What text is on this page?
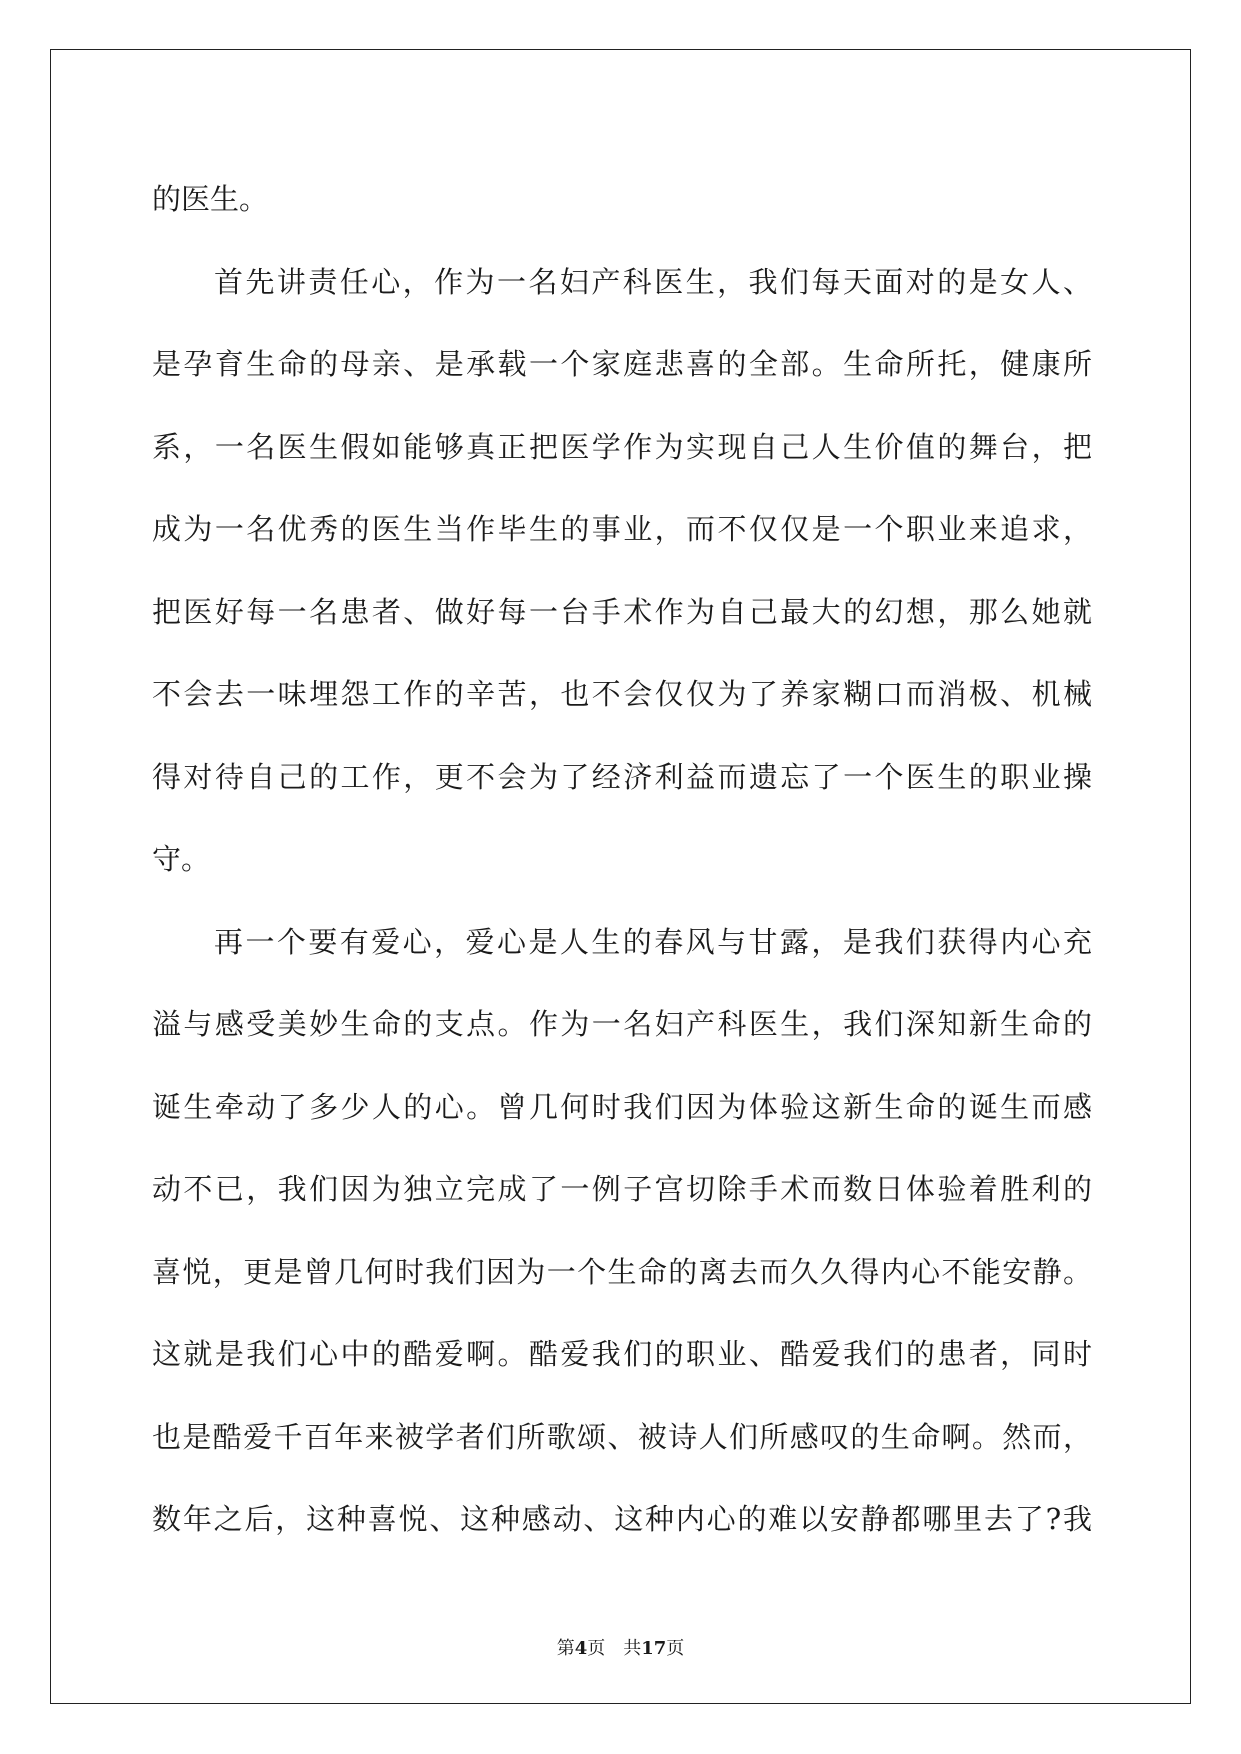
的医生。
首先讲责任心，作为一名妇产科医生，我们每天面对的是女人、
是孕育生命的母亲、是承载一个家庭悲喜的全部。生命所托，健康所
系，一名医生假如能够真正把医学作为实现自己人生价值的舞台，把
成为一名优秀的医生当作毕生的事业，而不仅仅是一个职业来追求，
把医好每一名患者、做好每一台手术作为自己最大的幻想，那么她就
不会去一味埋怨工作的辛苦，也不会仅仅为了养家糊口而消极、机械
得对待自己的工作，更不会为了经济利益而遗忘了一个医生的职业操
守。
再一个要有爱心，爱心是人生的春风与甘露，是我们获得内心充
溢与感受美妙生命的支点。作为一名妇产科医生，我们深知新生命的
诞生牵动了多少人的心。曾几何时我们因为体验这新生命的诞生而感
动不已，我们因为独立完成了一例子宫切除手术而数日体验着胜利的
喜悦，更是曾几何时我们因为一个生命的离去而久久得内心不能安静。
这就是我们心中的酷爱啊。酷爱我们的职业、酷爱我们的患者，同时
也是酷爱千百年来被学者们所歌颂、被诗人们所感叹的生命啊。然而，
数年之后，这种喜悦、这种感动、这种内心的难以安静都哪里去了?我
第4页 共17页
